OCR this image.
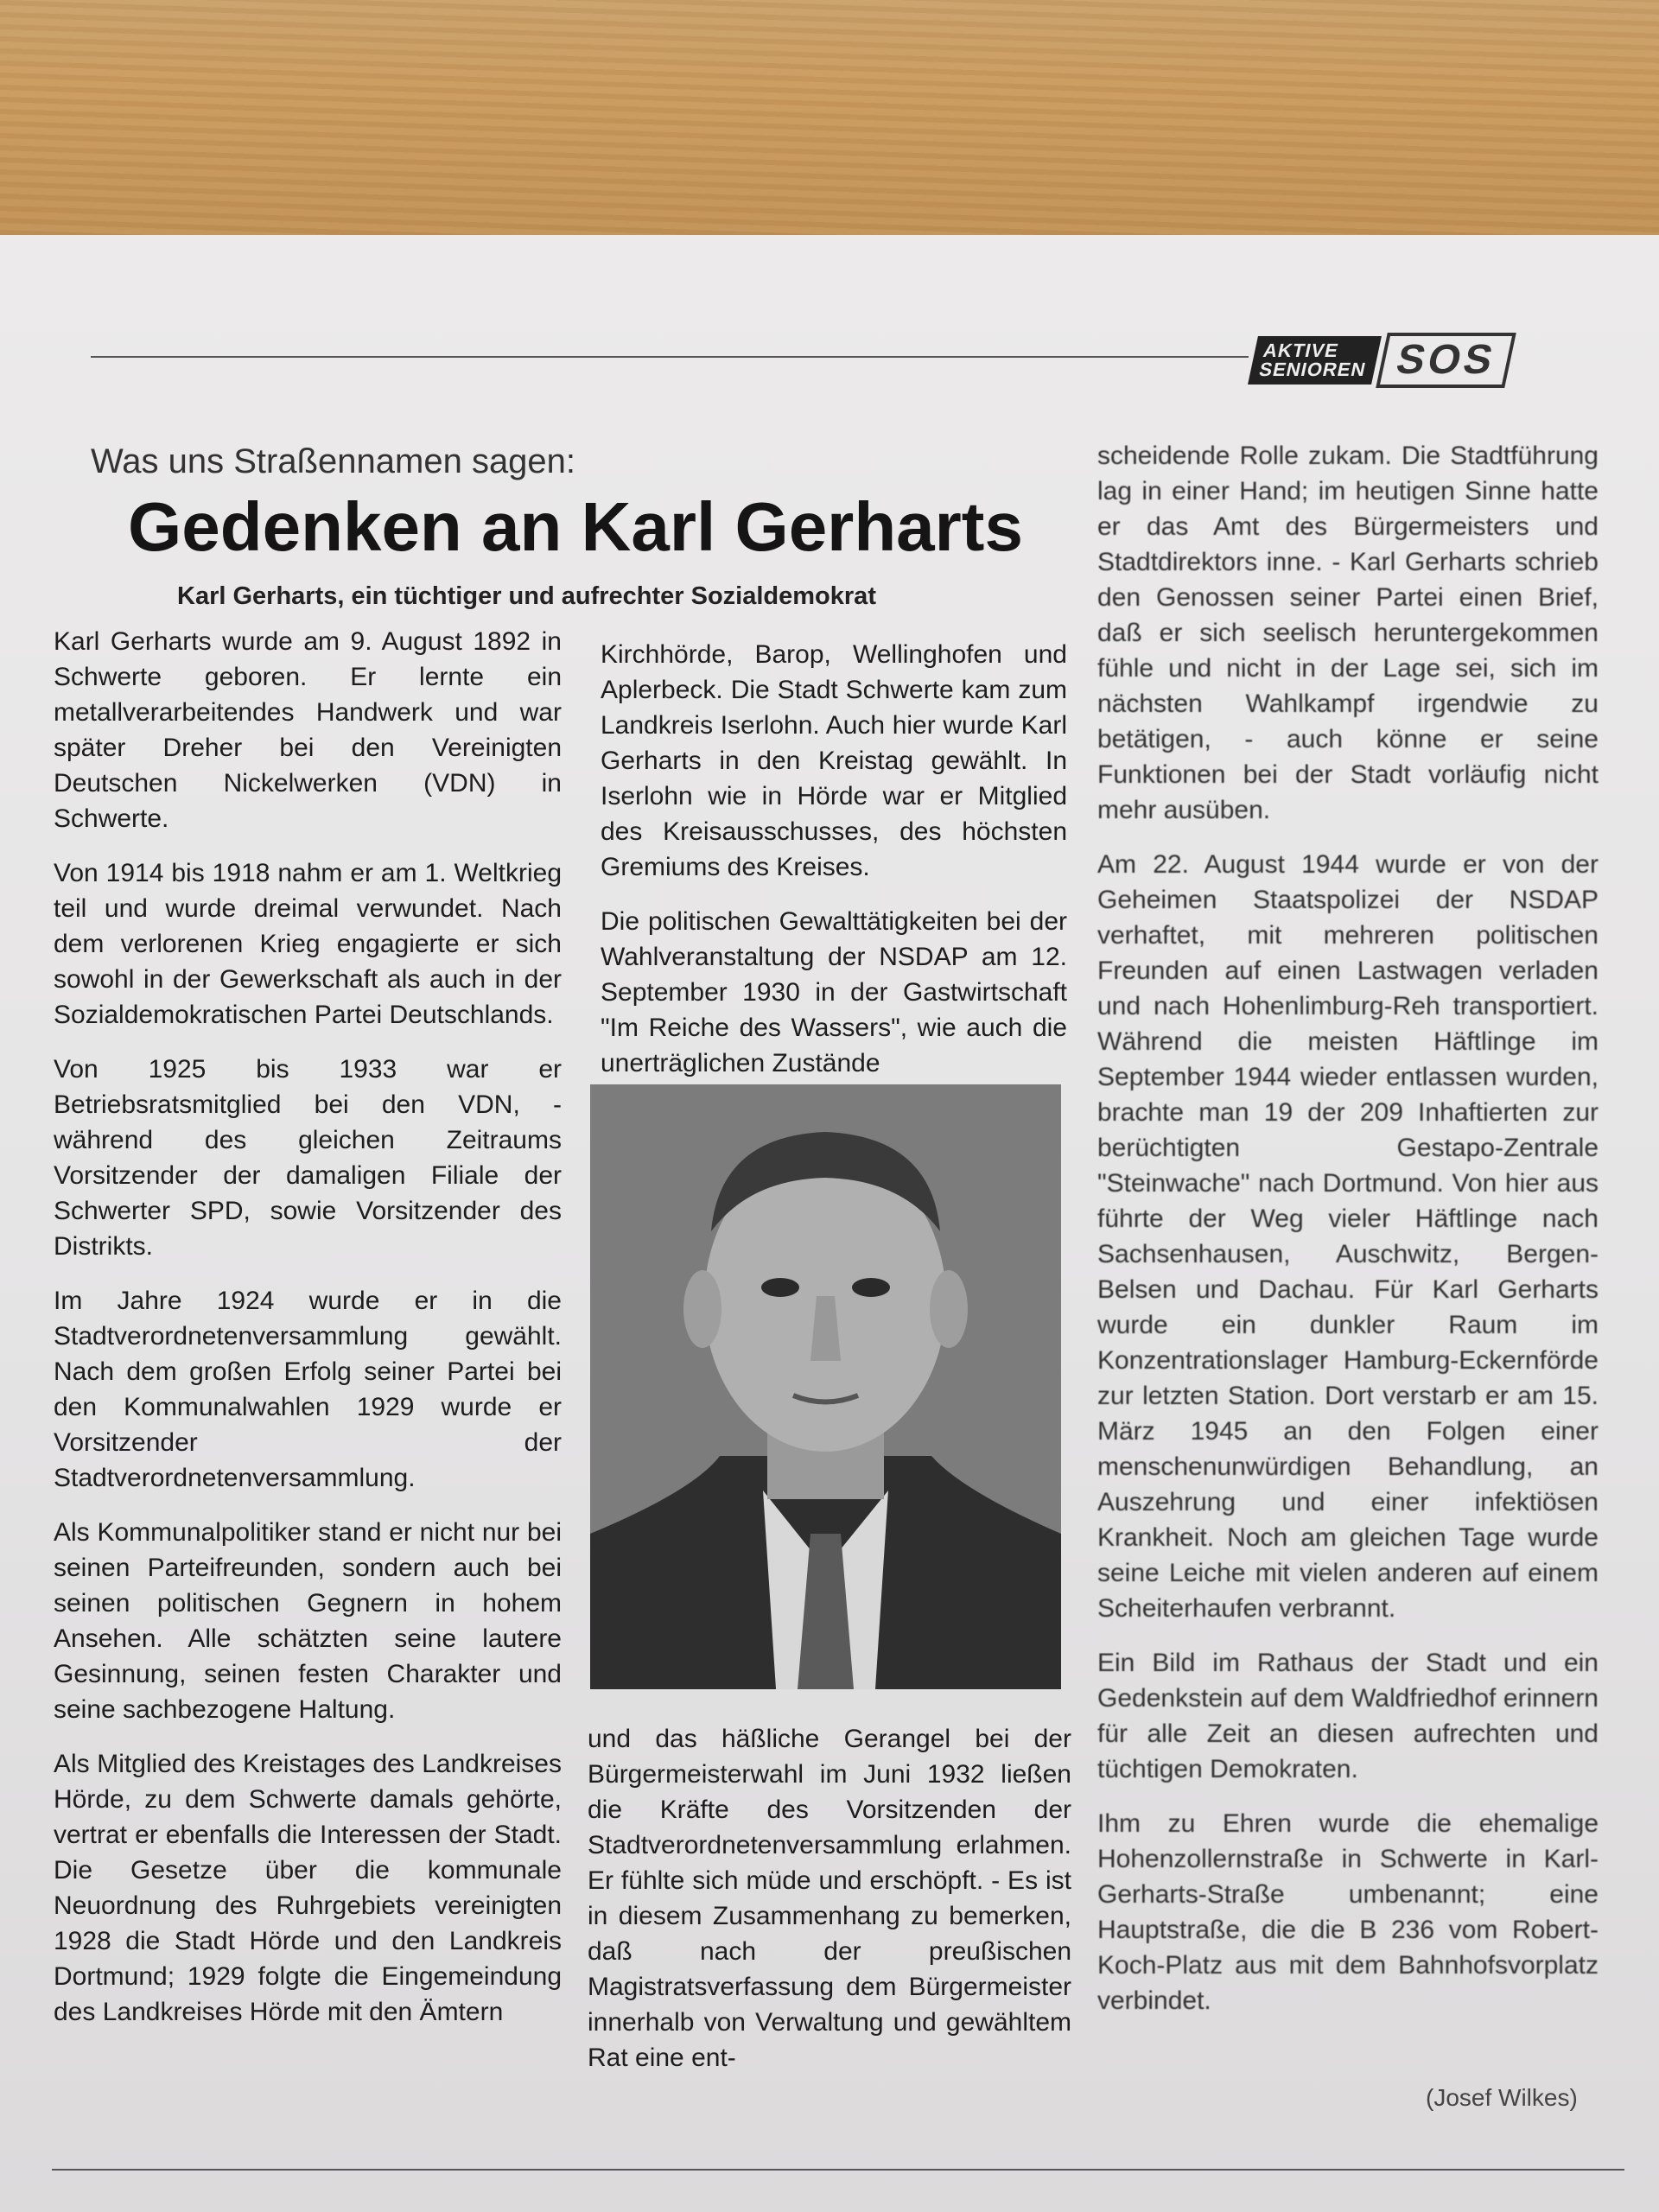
AKTIVE
SENIOREN SOS
Was uns Straßennamen sagen:
Gedenken an Karl Gerharts
Karl Gerharts, ein tüchtiger und aufrechter Sozialdemokrat

Karl Gerharts wurde am 9. August 1892 in Schwerte geboren. Er lernte ein metallverarbeitendes Handwerk und war später Dreher bei den Vereinigten Deutschen Nickelwerken (VDN) in Schwerte.

Von 1914 bis 1918 nahm er am 1. Weltkrieg teil und wurde dreimal verwundet. Nach dem verlorenen Krieg engagierte er sich sowohl in der Gewerkschaft als auch in der Sozialdemokratischen Partei Deutschlands.

Von 1925 bis 1933 war er Betriebsratsmitglied bei den VDN, - während des gleichen Zeitraums Vorsitzender der damaligen Filiale der Schwerter SPD, sowie Vorsitzender des Distrikts.

Im Jahre 1924 wurde er in die Stadtverordnetenversammlung gewählt. Nach dem großen Erfolg seiner Partei bei den Kommunalwahlen 1929 wurde er Vorsitzender der Stadtverordnetenversammlung.

Als Kommunalpolitiker stand er nicht nur bei seinen Parteifreunden, sondern auch bei seinen politischen Gegnern in hohem Ansehen. Alle schätzten seine lautere Gesinnung, seinen festen Charakter und seine sachbezogene Haltung.

Als Mitglied des Kreistages des Landkreises Hörde, zu dem Schwerte damals gehörte, vertrat er ebenfalls die Interessen der Stadt. Die Gesetze über die kommunale Neuordnung des Ruhrgebiets vereinigten 1928 die Stadt Hörde und den Landkreis Dortmund; 1929 folgte die Eingemeindung des Landkreises Hörde mit den Ämtern

Kirchhörde, Barop, Wellinghofen und Aplerbeck. Die Stadt Schwerte kam zum Landkreis Iserlohn. Auch hier wurde Karl Gerharts in den Kreistag gewählt. In Iserlohn wie in Hörde war er Mitglied des Kreisausschusses, des höchsten Gremiums des Kreises.

Die politischen Gewalttätigkeiten bei der Wahlveranstaltung der NSDAP am 12. September 1930 in der Gastwirtschaft "Im Reiche des Wassers", wie auch die unerträglichen Zustände

und das häßliche Gerangel bei der Bürgermeisterwahl im Juni 1932 ließen die Kräfte des Vorsitzenden der Stadtverordnetenversammlung erlahmen. Er fühlte sich müde und erschöpft. - Es ist in diesem Zusammenhang zu bemerken, daß nach der preußischen Magistratsverfassung dem Bürgermeister innerhalb von Verwaltung und gewähltem Rat eine ent-

scheidende Rolle zukam. Die Stadtführung lag in einer Hand; im heutigen Sinne hatte er das Amt des Bürgermeisters und Stadtdirektors inne. - Karl Gerharts schrieb den Genossen seiner Partei einen Brief, daß er sich seelisch heruntergekommen fühle und nicht in der Lage sei, sich im nächsten Wahlkampf irgendwie zu betätigen, - auch könne er seine Funktionen bei der Stadt vorläufig nicht mehr ausüben.

Am 22. August 1944 wurde er von der Geheimen Staatspolizei der NSDAP verhaftet, mit mehreren politischen Freunden auf einen Lastwagen verladen und nach Hohenlimburg-Reh transportiert. Während die meisten Häftlinge im September 1944 wieder entlassen wurden, brachte man 19 der 209 Inhaftierten zur berüchtigten Gestapo-Zentrale "Steinwache" nach Dortmund. Von hier aus führte der Weg vieler Häftlinge nach Sachsenhausen, Auschwitz, Bergen-Belsen und Dachau. Für Karl Gerharts wurde ein dunkler Raum im Konzentrationslager Hamburg-Eckernförde zur letzten Station. Dort verstarb er am 15. März 1945 an den Folgen einer menschenunwürdigen Behandlung, an Auszehrung und einer infektiösen Krankheit. Noch am gleichen Tage wurde seine Leiche mit vielen anderen auf einem Scheiterhaufen verbrannt.

Ein Bild im Rathaus der Stadt und ein Gedenkstein auf dem Waldfriedhof erinnern für alle Zeit an diesen aufrechten und tüchtigen Demokraten.

Ihm zu Ehren wurde die ehemalige Hohenzollernstraße in Schwerte in Karl-Gerharts-Straße umbenannt; eine Hauptstraße, die die B 236 vom Robert-Koch-Platz aus mit dem Bahnhofsvorplatz verbindet.

(Josef Wilkes)
